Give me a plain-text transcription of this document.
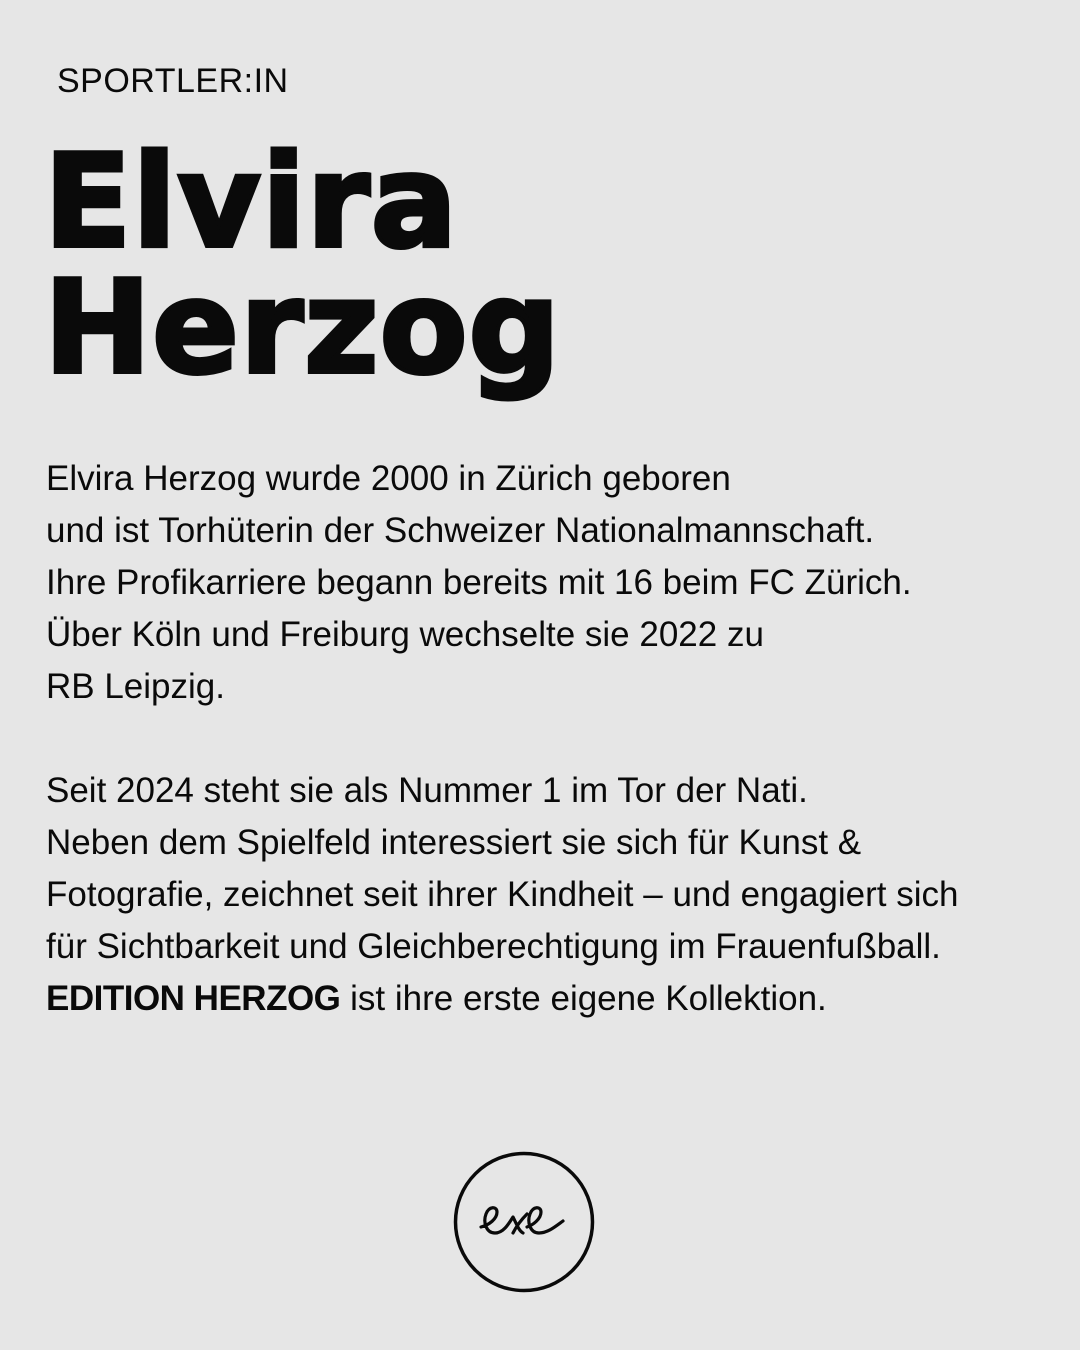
SPORTLER:IN
Elvira
Herzog

Elvira Herzog wurde 2000 in Zürich geboren
und ist Torhüterin der Schweizer Nationalmannschaft.
Ihre Profikarriere begann bereits mit 16 beim FC Zürich.
Über Köln und Freiburg wechselte sie 2022 zu
RB Leipzig.

Seit 2024 steht sie als Nummer 1 im Tor der Nati.
Neben dem Spielfeld interessiert sie sich für Kunst &
Fotografie, zeichnet seit ihrer Kindheit – und engagiert sich
für Sichtbarkeit und Gleichberechtigung im Frauenfußball.
EDITION HERZOG ist ihre erste eigene Kollektion.
